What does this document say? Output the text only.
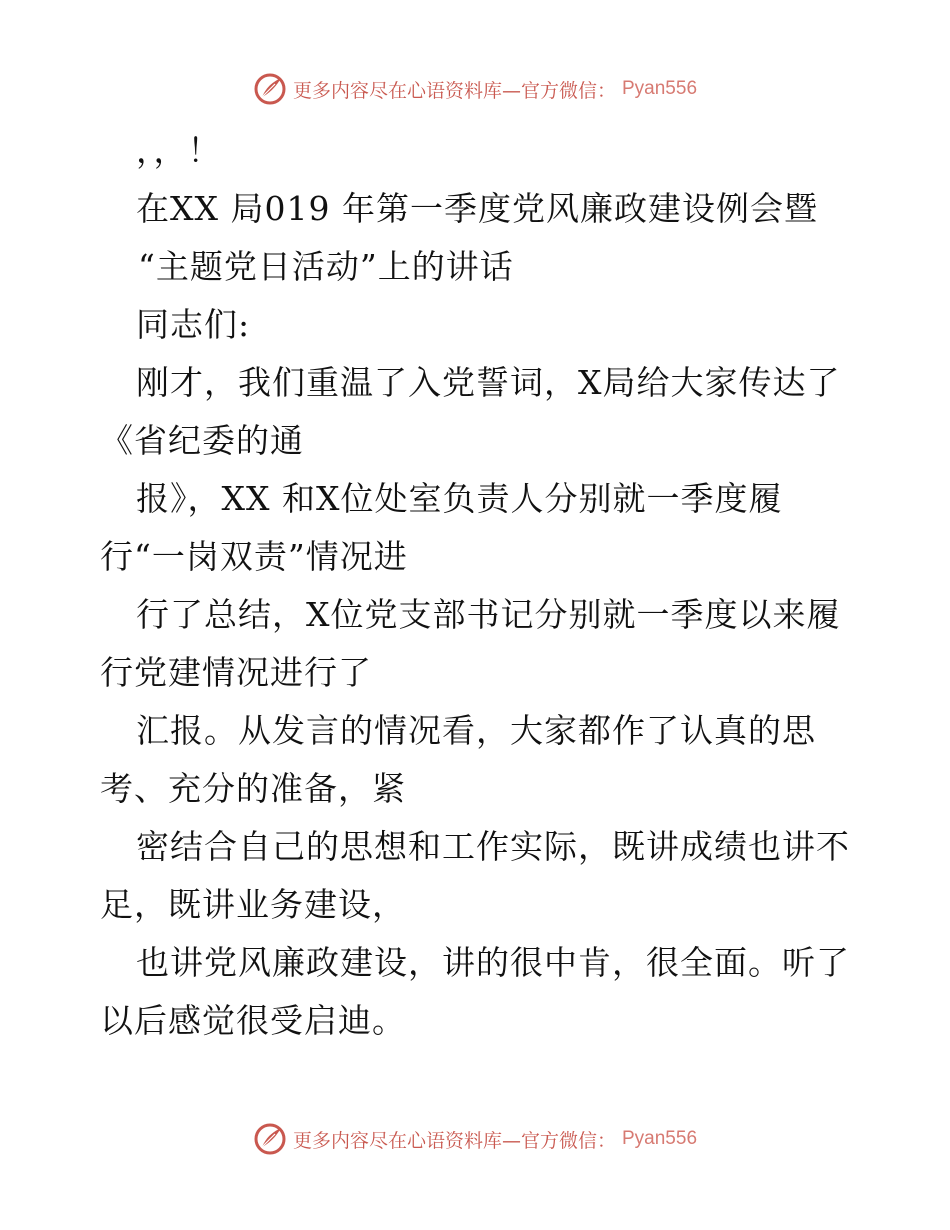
更多内容尽在心语资料库—官方微信： Pyan556
，，！
在XX 局019 年第一季度党风廉政建设例会暨
“主题党日活动”上的讲话
同志们:
刚才，我们重温了入党誓词，X局给大家传达了
《省纪委的通
报》，XX 和X位处室负责人分别就一季度履
行“一岗双责”情况进
行了总结，X位党支部书记分别就一季度以来履
行党建情况进行了
汇报。从发言的情况看，大家都作了认真的思
考、充分的准备，紧
密结合自己的思想和工作实际，既讲成绩也讲不
足，既讲业务建设，
也讲党风廉政建设，讲的很中肯，很全面。听了
以后感觉很受启迪。
更多内容尽在心语资料库—官方微信： Pyan556
